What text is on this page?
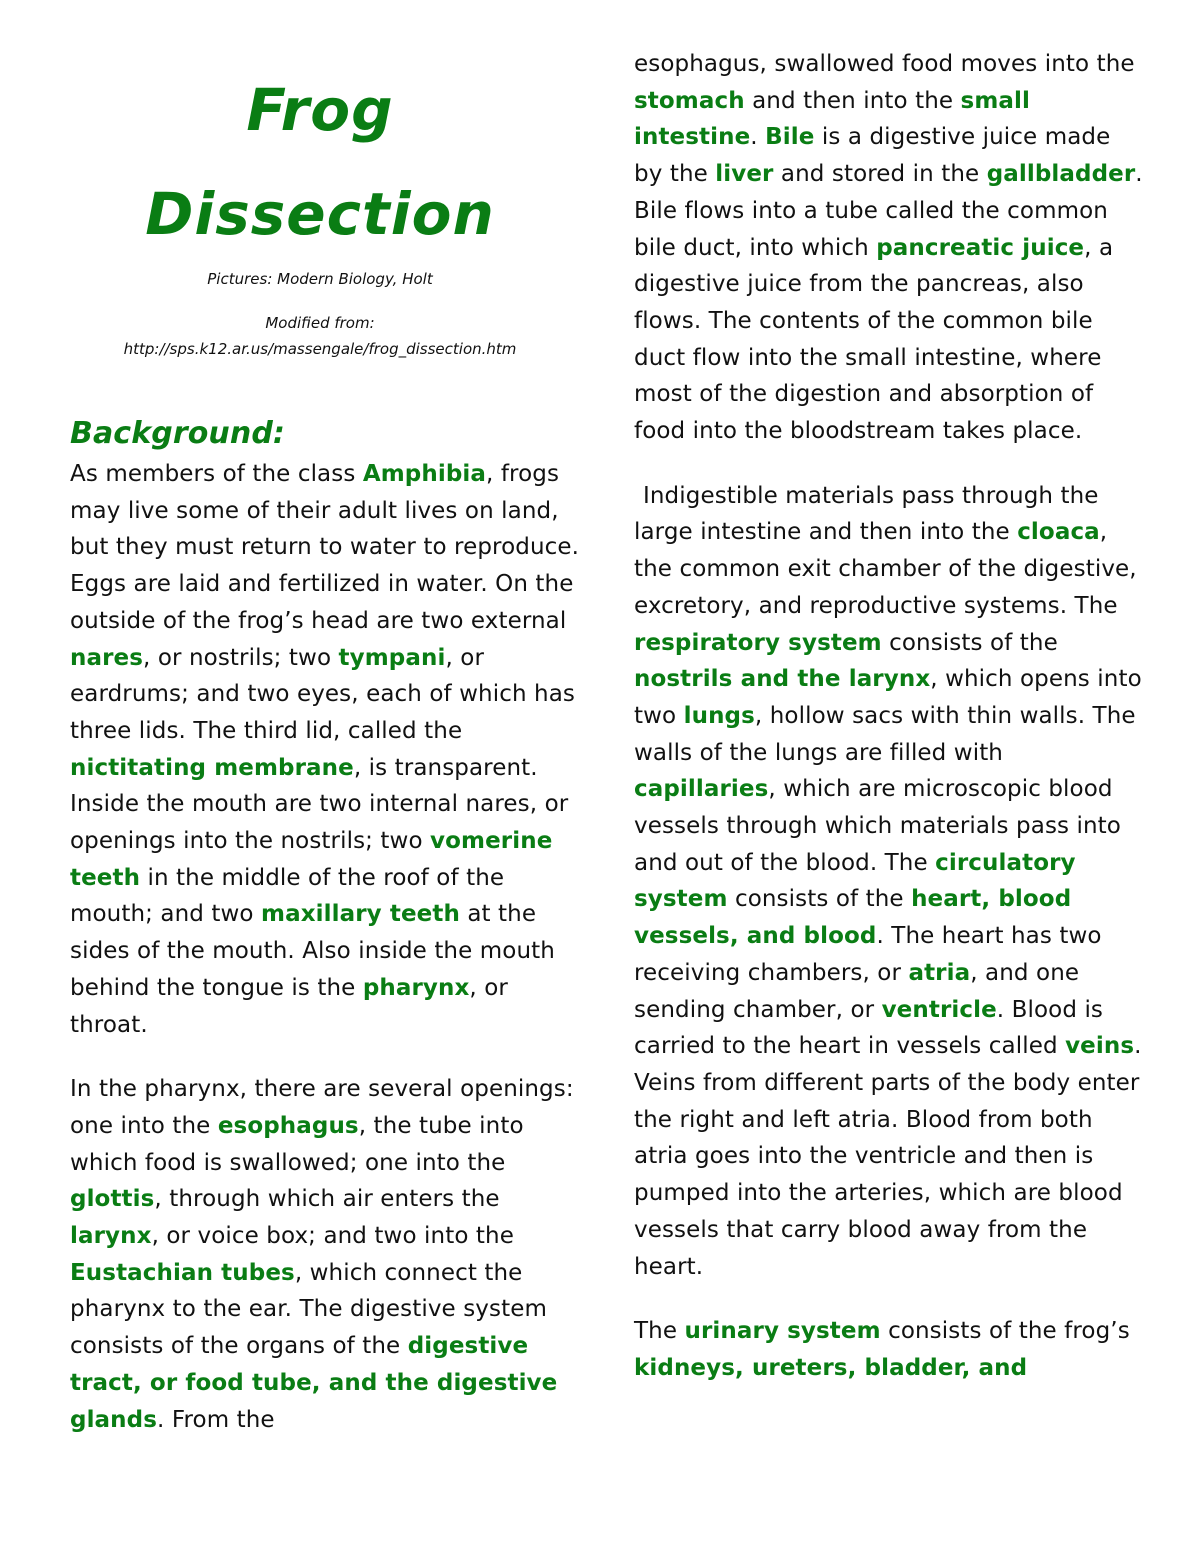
Frog
Dissection
Pictures: Modern Biology, Holt
Modified from:
http://sps.k12.ar.us/massengale/frog_dissection.htm
Background:

As members of the class Amphibia, frogs may live some of their adult lives on land, but they must return to water to reproduce. Eggs are laid and fertilized in water. On the outside of the frog’s head are two external nares, or nostrils; two tympani, or eardrums; and two eyes, each of which has three lids. The third lid, called the nictitating membrane, is transparent. Inside the mouth are two internal nares, or openings into the nostrils; two vomerine teeth in the middle of the roof of the mouth; and two maxillary teeth at the sides of the mouth. Also inside the mouth behind the tongue is the pharynx, or throat.

In the pharynx, there are several openings: one into the esophagus, the tube into which food is swallowed; one into the glottis, through which air enters the larynx, or voice box; and two into the Eustachian tubes, which connect the pharynx to the ear. The digestive system consists of the organs of the digestive tract, or food tube, and the digestive glands. From the

esophagus, swallowed food moves into the stomach and then into the small intestine. Bile is a digestive juice made by the liver and stored in the gallbladder. Bile flows into a tube called the common bile duct, into which pancreatic juice, a digestive juice from the pancreas, also flows. The contents of the common bile duct flow into the small intestine, where most of the digestion and absorption of food into the bloodstream takes place.

Indigestible materials pass through the large intestine and then into the cloaca, the common exit chamber of the digestive, excretory, and reproductive systems. The respiratory system consists of the nostrils and the larynx, which opens into two lungs, hollow sacs with thin walls. The walls of the lungs are filled with capillaries, which are microscopic blood vessels through which materials pass into and out of the blood. The circulatory system consists of the heart, blood vessels, and blood. The heart has two receiving chambers, or atria, and one sending chamber, or ventricle. Blood is carried to the heart in vessels called veins. Veins from different parts of the body enter the right and left atria. Blood from both atria goes into the ventricle and then is pumped into the arteries, which are blood vessels that carry blood away from the heart.

The urinary system consists of the frog’s kidneys, ureters, bladder, and
